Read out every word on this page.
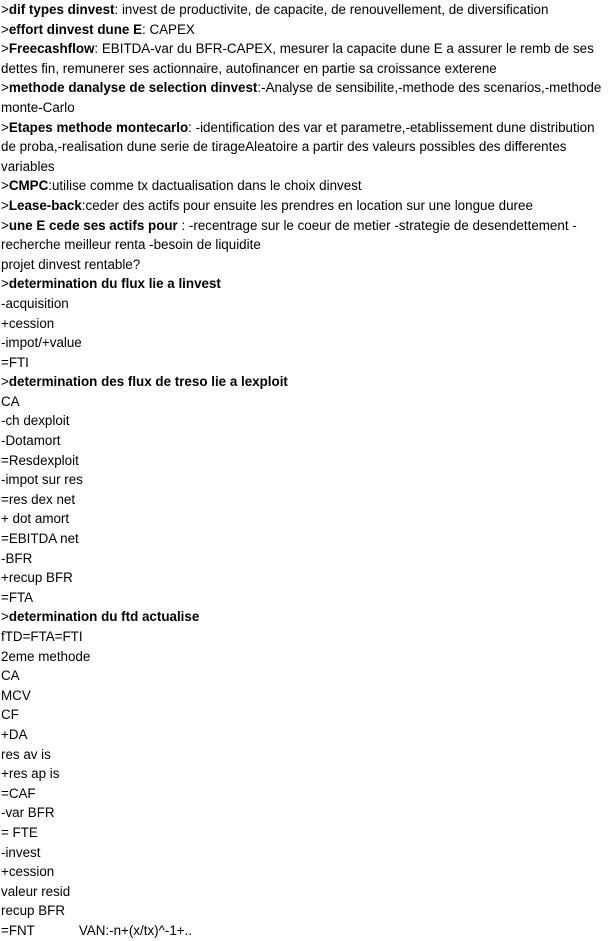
>dif types dinvest: invest de productivite, de capacite, de renouvellement, de diversification
>effort dinvest dune E: CAPEX
>Freecashflow: EBITDA-var du BFR-CAPEX, mesurer la capacite dune E a assurer le remb de ses
dettes fin, remunerer ses actionnaire, autofinancer en partie sa croissance exterene
>methode danalyse de selection dinvest:-Analyse de sensibilite,-methode des scenarios,-methode
monte-Carlo
>Etapes methode montecarlo: -identification des var et parametre,-etablissement dune distribution
de proba,-realisation dune serie de tirageAleatoire a partir des valeurs possibles des differentes
variables
>CMPC:utilise comme tx dactualisation dans le choix dinvest
>Lease-back:ceder des actifs pour ensuite les prendres en location sur une longue duree
>une E cede ses actifs pour : -recentrage sur le coeur de metier -strategie de desendettement -
recherche meilleur renta -besoin de liquidite
projet dinvest rentable?
>determination du flux lie a linvest
-acquisition
+cession
-impot/+value
=FTI
>determination des flux de treso lie a lexploit
CA
-ch dexploit
-Dotamort
=Resdexploit
-impot sur res
=res dex net
+ dot amort
=EBITDA net
-BFR
+recup BFR
=FTA
>determination du ftd actualise
fTD=FTA=FTI
2eme methode
CA
MCV
CF
+DA
res av is
+res ap is
=CAF
-var BFR
= FTE
-invest
+cession
valeur resid
recup BFR
=FNT	VAN:-n+(x/tx)^-1+..
